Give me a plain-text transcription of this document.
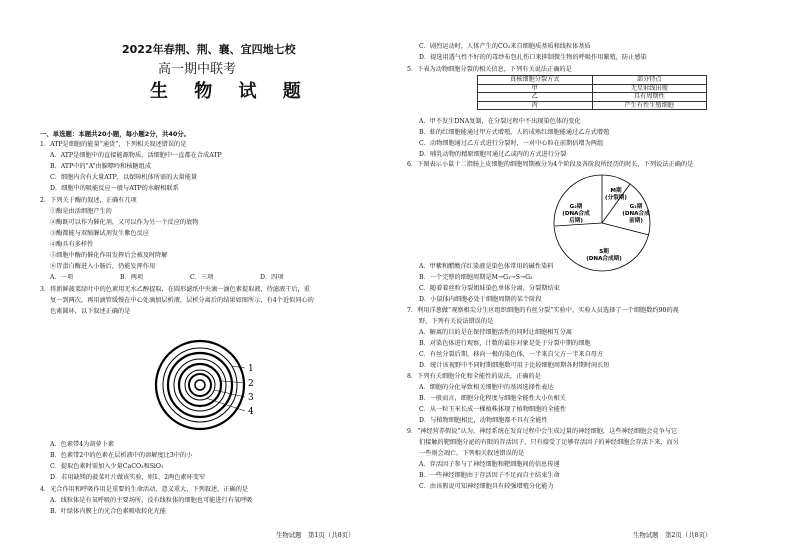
2022年春荆、荆、襄、宜四地七校
高一期中联考
生 物 试 题
一、单选题：本题共20小题，每小题2分，共40分。
1．ATP是细胞的能量“通货”，下列相关叙述错误的是
A．ATP是细胞中的直接能源物质，活细胞中一直都在合成ATP
B．ATP中的“A”由腺嘌呤和核糖组成
C．细胞内含有大量ATP，以保障机体所需的大量能量
D．细胞中的吸能反应一般与ATP的水解相联系
2．下列关于酶的叙述，正确有几项
①酶是由活细胞产生的
②酶既可以作为催化剂，又可以作为另一个反应的底物
③酶都能与双缩脲试剂发生紫色反应
④酶具有多样性
⑤细胞中酶的催化作用发挥后会被及时降解
⑥胃蛋白酶进入小肠后，仍能发挥作用
A．一项	B．两项	C．三项	D．四项
3．将新鲜菠菜绿叶中的色素用无水乙醇提取，在圆形滤纸中央滴一滴色素提取液，待滤液干后，重
复一到两次，再用滴管缓慢在中心处滴加层析液，层析分离后的结果如图所示，有4个近似同心的
色素圆环，以下叙述正确的是
1
2
3
4
A．色素带4为胡萝卜素
B．色素带2中的色素在层析液中的溶解度比3中的小
C．提取色素时需加入少量CaCO₃和SiO₂
D．若用缺镁的菠菜叶片做该实验，则1、2两色素环变窄
4．光合作用和呼吸作用是重要的生命活动，意义重大，下列叙述，正确的是
A．线粒体是有氧呼吸的主要场所，没有线粒体的细胞也可能进行有氧呼吸
B．叶绿体内膜上的光合色素吸收转化光能
生物试题　第1页（共8页）
C．剧烈运动时，人体产生的CO₂来自细胞质基质和线粒体基质
D．提选用透气性不好的的毒纱布包扎伤口来抑制微生物的呼吸作用繁殖，防止感染
5．下表为动物细胞分裂的相关信息，下列有关说法正确的是
真核细胞分裂方式	部分特点
甲	无星射线出现
乙	具有周期性
丙	产生有性生殖细胞
A．甲不发生DNA复制，在分裂过程中不出现染色体的变化
B．蛙的红细胞能通过甲方式增殖，人的成熟红细胞能通过乙方式增殖
C．动物细胞通过乙方式进行分裂时，一对中心粒在前期倍增为两组
D．哺乳动物的精原细胞可通过乙或丙的方式进行分裂
6．下图表示小鼠十二指肠上皮细胞的细胞周期被分为4个阶段及各阶段所经历的时长，下列说法正确的是
M期(分裂期)
G₁期(DNA合成前期)
S期(DNA合成期)
G₂期(DNA合成后期)
A．甲紫和醋酸洋红染液是染色体常用的碱性染料
B．一个完整的细胞周期是M→G₁→S→G₂
C．随着着丝粒分裂姐妹染色单体分离，分裂期结束
D．小鼠体内细胞必处于细胞周期的某个阶段
7．利用洋葱做“观察根尖分生区组织细胞的有丝分裂”实验中，实验人员选择了一个细胞数约90的视
野，下列有关说法错误的是
A．解离的目的是在保持细胞活性的同时让细胞相互分离
B．对染色体进行观察，计数的最佳对象是处于分裂中期的细胞
C．有丝分裂后期，移向一极的染色体，一半来自父方一半来自母方
D．统计该视野中不同时期细胞数可用于比较细胞周期各时期时间长短
8．下列有关细胞分化和全能性的说法，正确的是
A．细胞的分化导致相关细胞中的基因选择性表达
B．一般而言，细胞分化程度与细胞全能性大小负相关
C．从一粒玉米长成一棵植株体现了植物细胞的全能性
D．与植物细胞相比，动物细胞都不具有全能性
9．“神经营养假说”认为，神经系统在发育过程中会生成过量的神经细胞，这些神经细胞会竞争与它
们接触的靶细胞分泌的有限的存活因子，只有接受了足够存活因子的神经细胞会存活下来，而另
一些则会凋亡。下列相关叙述错误的是
A．存活因子参与了神经细胞和靶细胞间的信息传递
B．一些神经细胞由于存活因子不足而自主结束生命
C．由该假说可知神经细胞具有较强增殖分化能力
生物试题　第2页（共8页）
